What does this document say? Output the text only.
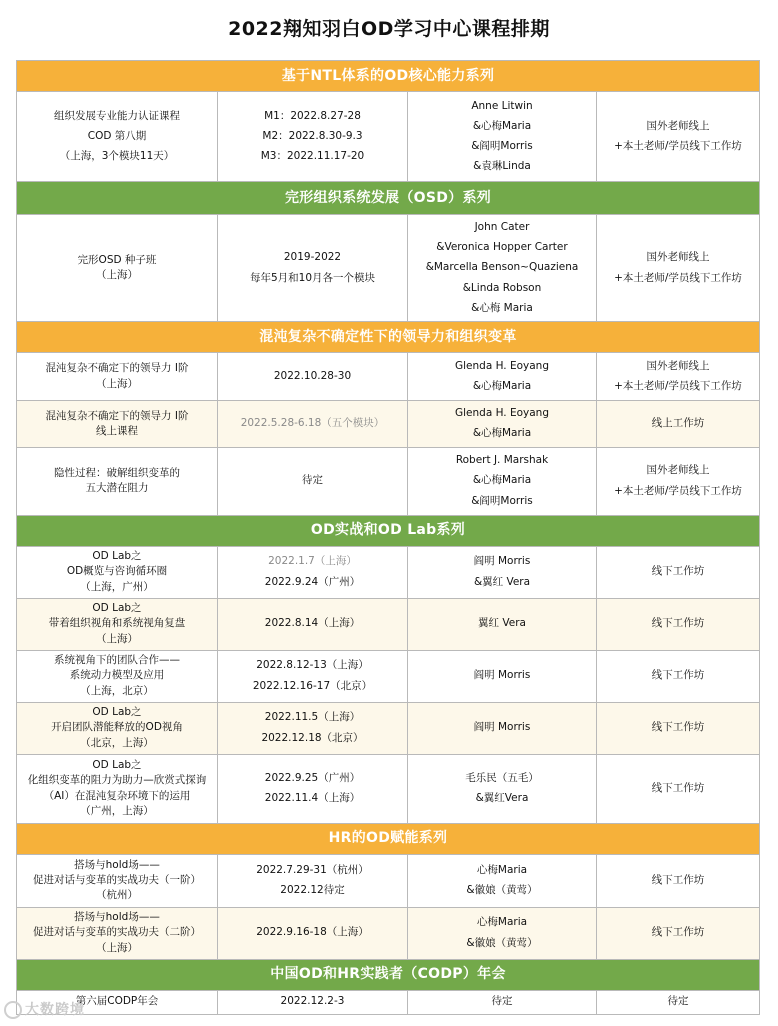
2022翔知羽白OD学习中心课程排期
基于NTL体系的OD核心能力系列			

组织发展专业能力认证课程
COD 第八期
（上海，3个模块11天）	M1：2022.8.27-28
M2：2022.8.30-9.3
M3：2022.11.17-20	Anne Litwin
&心梅Maria
&阎明Morris
&袁琳Linda	国外老师线上
+本土老师/学员线下工作坊

完形组织系统发展（OSD）系列			

完形OSD 种子班
（上海）	2019-2022
每年5月和10月各一个模块	John Cater
&Veronica Hopper Carter
&Marcella Benson~Quaziena
&Linda Robson
&心梅 Maria	国外老师线上
+本土老师/学员线下工作坊

混沌复杂不确定性下的领导力和组织变革			

混沌复杂不确定下的领导力 I阶
（上海）	2022.10.28-30	Glenda H. Eoyang
&心梅Maria	国外老师线上
+本土老师/学员线下工作坊

混沌复杂不确定下的领导力 I阶
线上课程	2022.5.28-6.18（五个模块）	Glenda H. Eoyang
&心梅Maria	线上工作坊

隐性过程：破解组织变革的
五大潜在阻力	待定	Robert J. Marshak
&心梅Maria
&阎明Morris	国外老师线上
+本土老师/学员线下工作坊

OD实战和OD Lab系列			

OD Lab之
OD概览与咨询循环圈
（上海，广州）	2022.1.7（上海）
2022.9.24（广州）	阎明 Morris
&翼红 Vera	线下工作坊

OD Lab之
带着组织视角和系统视角复盘
（上海）	2022.8.14（上海）	翼红 Vera	线下工作坊

系统视角下的团队合作——
系统动力模型及应用
（上海，北京）	2022.8.12-13（上海）
2022.12.16-17（北京）	阎明 Morris	线下工作坊

OD Lab之
开启团队潜能释放的OD视角
（北京，上海）	2022.11.5（上海）
2022.12.18（北京）	阎明 Morris	线下工作坊

OD Lab之
化组织变革的阻力为助力—欣赏式探询
（AI）在混沌复杂环境下的运用
（广州，上海）	2022.9.25（广州）
2022.11.4（上海）	毛乐民（五毛）
&翼红Vera	线下工作坊

HR的OD赋能系列			

搭场与hold场——
促进对话与变革的实战功夫（一阶）
（杭州）	2022.7.29-31（杭州）
2022.12待定	心梅Maria
&徽娘（黄莺）	线下工作坊

搭场与hold场——
促进对话与变革的实战功夫（二阶）
（上海）	2022.9.16-18（上海）	心梅Maria
&徽娘（黄莺）	线下工作坊

中国OD和HR实践者（CODP）年会			

第六届CODP年会	2022.12.2-3	待定	待定
大数跨境
